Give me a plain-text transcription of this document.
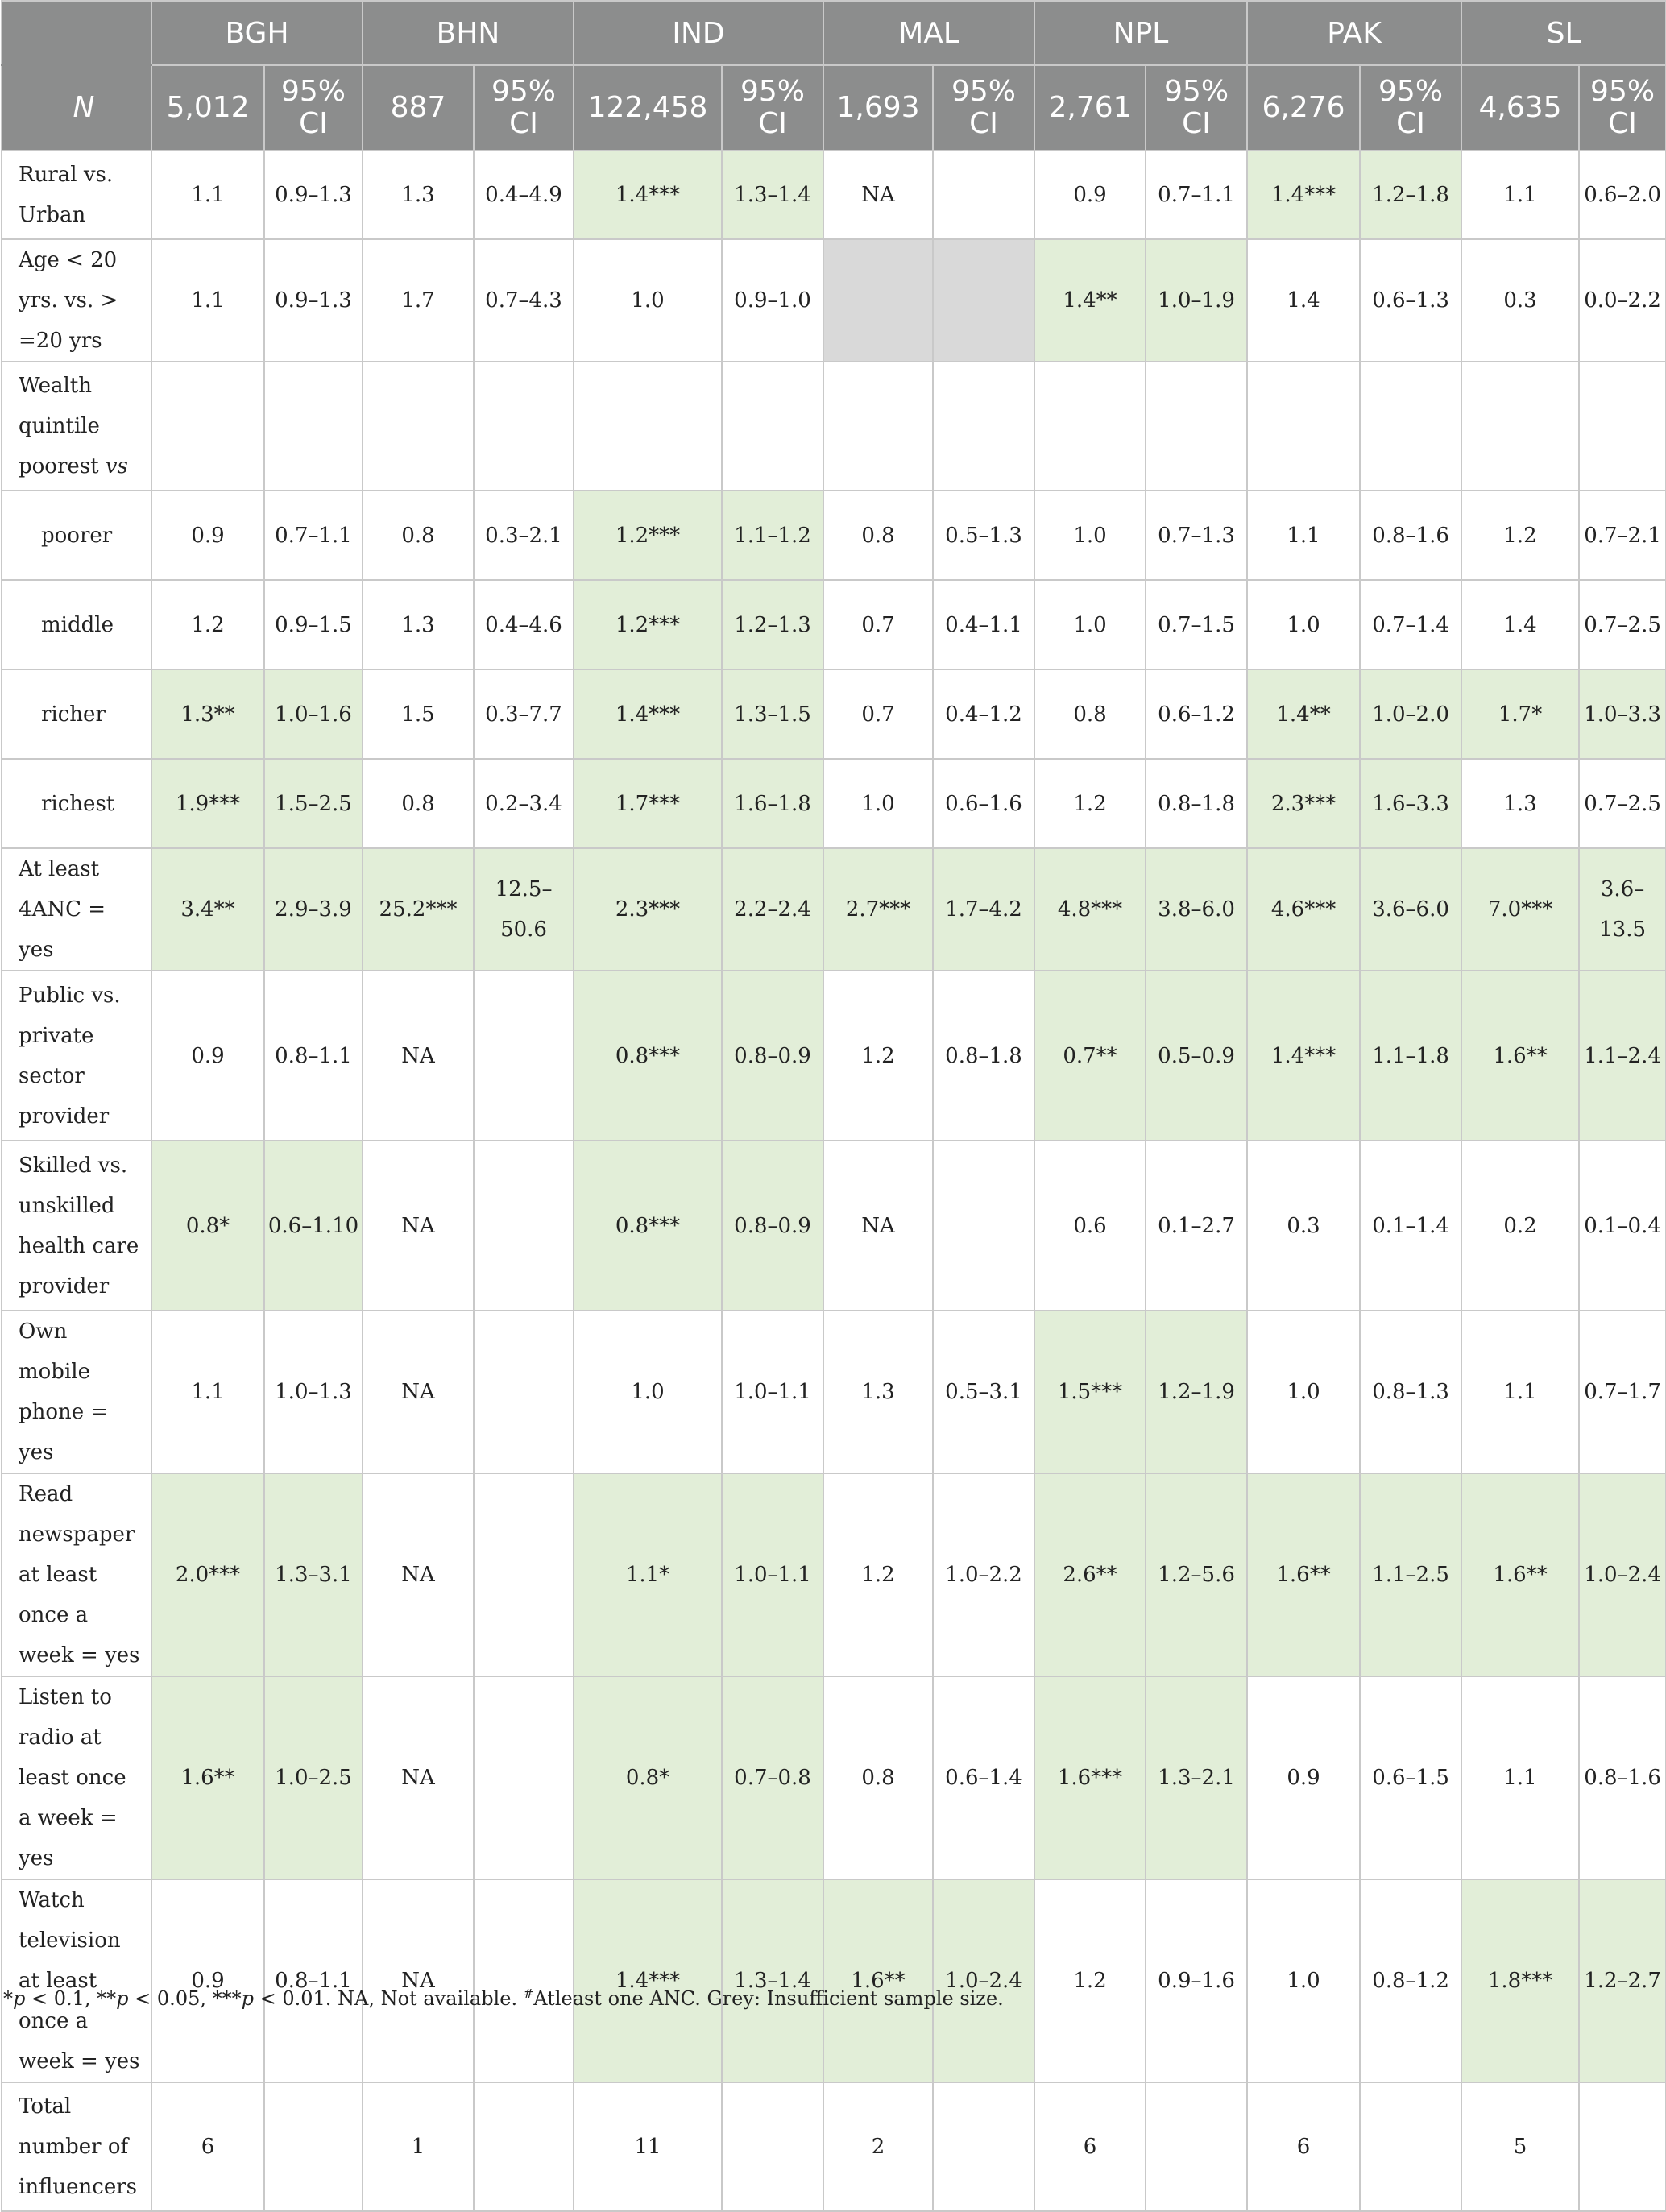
	BGH		BHN		IND		MAL		NPL		PAK		SL	
N	5,012	95% CI	887	95% CI	122,458	95% CI	1,693	95% CI	2,761	95% CI	6,276	95% CI	4,635	95% CI
Rural vs. Urban	1.1	0.9–1.3	1.3	0.4–4.9	1.4***	1.3–1.4	NA		0.9	0.7–1.1	1.4***	1.2–1.8	1.1	0.6–2.0
Age < 20 yrs. vs. > =20 yrs	1.1	0.9–1.3	1.7	0.7–4.3	1.0	0.9–1.0			1.4**	1.0–1.9	1.4	0.6–1.3	0.3	0.0–2.2
Wealth quintile poorest vs														
poorer	0.9	0.7–1.1	0.8	0.3–2.1	1.2***	1.1–1.2	0.8	0.5–1.3	1.0	0.7–1.3	1.1	0.8–1.6	1.2	0.7–2.1
middle	1.2	0.9–1.5	1.3	0.4–4.6	1.2***	1.2–1.3	0.7	0.4–1.1	1.0	0.7–1.5	1.0	0.7–1.4	1.4	0.7–2.5
richer	1.3**	1.0–1.6	1.5	0.3–7.7	1.4***	1.3–1.5	0.7	0.4–1.2	0.8	0.6–1.2	1.4**	1.0–2.0	1.7*	1.0–3.3
richest	1.9***	1.5–2.5	0.8	0.2–3.4	1.7***	1.6–1.8	1.0	0.6–1.6	1.2	0.8–1.8	2.3***	1.6–3.3	1.3	0.7–2.5
At least 4ANC = yes	3.4**	2.9–3.9	25.2***	12.5–50.6	2.3***	2.2–2.4	2.7***	1.7–4.2	4.8***	3.8–6.0	4.6***	3.6–6.0	7.0***	3.6–13.5
Public vs. private sector provider	0.9	0.8–1.1	NA		0.8***	0.8–0.9	1.2	0.8–1.8	0.7**	0.5–0.9	1.4***	1.1–1.8	1.6**	1.1–2.4
Skilled vs. unskilled health care provider	0.8*	0.6–1.10	NA		0.8***	0.8–0.9	NA		0.6	0.1–2.7	0.3	0.1–1.4	0.2	0.1–0.4
Own mobile phone = yes	1.1	1.0–1.3	NA		1.0	1.0–1.1	1.3	0.5–3.1	1.5***	1.2–1.9	1.0	0.8–1.3	1.1	0.7–1.7
Read newspaper at least once a week = yes	2.0***	1.3–3.1	NA		1.1*	1.0–1.1	1.2	1.0–2.2	2.6**	1.2–5.6	1.6**	1.1–2.5	1.6**	1.0–2.4
Listen to radio at least once a week = yes	1.6**	1.0–2.5	NA		0.8*	0.7–0.8	0.8	0.6–1.4	1.6***	1.3–2.1	0.9	0.6–1.5	1.1	0.8–1.6
Watch television at least once a week = yes	0.9	0.8–1.1	NA		1.4***	1.3–1.4	1.6**	1.0–2.4	1.2	0.9–1.6	1.0	0.8–1.2	1.8***	1.2–2.7
Total number of influencers	6		1		11		2		6		6		5	
*p < 0.1, **p < 0.05, ***p < 0.01. NA, Not available. #Atleast one ANC. Grey: Insufficient sample size.
